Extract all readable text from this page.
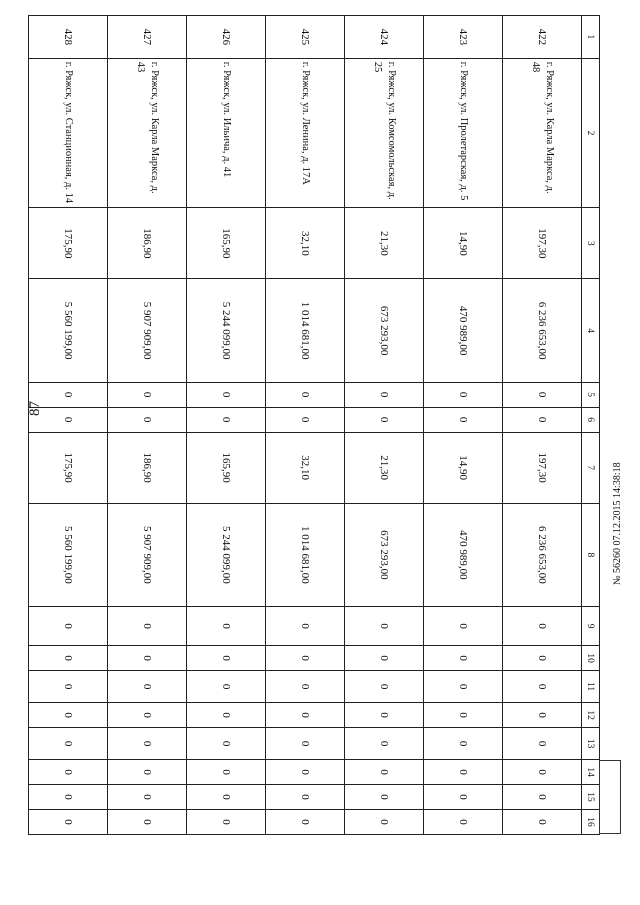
87
1	2	3	4	5	6	7	8	9	10	11	12	13	14	15	16
422	г. Ряжск, ул. Карла Маркса, д. 48	197,30	6 236 653,00	0	0	197,30	6 236 653,00	0	0	0	0	0	0	0	0
423	г. Ряжск, ул. Пролетарская, д. 5	14,90	470 989,00	0	0	14,90	470 989,00	0	0	0	0	0	0	0	0
424	г. Ряжск, ул. Комсомольская, д. 25	21,30	673 293,00	0	0	21,30	673 293,00	0	0	0	0	0	0	0	0
425	г. Ряжск, ул. Ленина, д. 17А	32,10	1 014 681,00	0	0	32,10	1 014 681,00	0	0	0	0	0	0	0	0
426	г. Ряжск, ул. Ильича, д. 41	165,90	5 244 099,00	0	0	165,90	5 244 099,00	0	0	0	0	0	0	0	0
427	г. Ряжск, ул. Карла Маркса, д. 43	186,90	5 907 909,00	0	0	186,90	5 907 909,00	0	0	0	0	0	0	0	0
428	г. Ряжск, ул. Станционная, д. 14	175,90	5 560 199,00	0	0	175,90	5 560 199,00	0	0	0	0	0	0	0	0
№ 56260 07.12.2015 14:38:18
